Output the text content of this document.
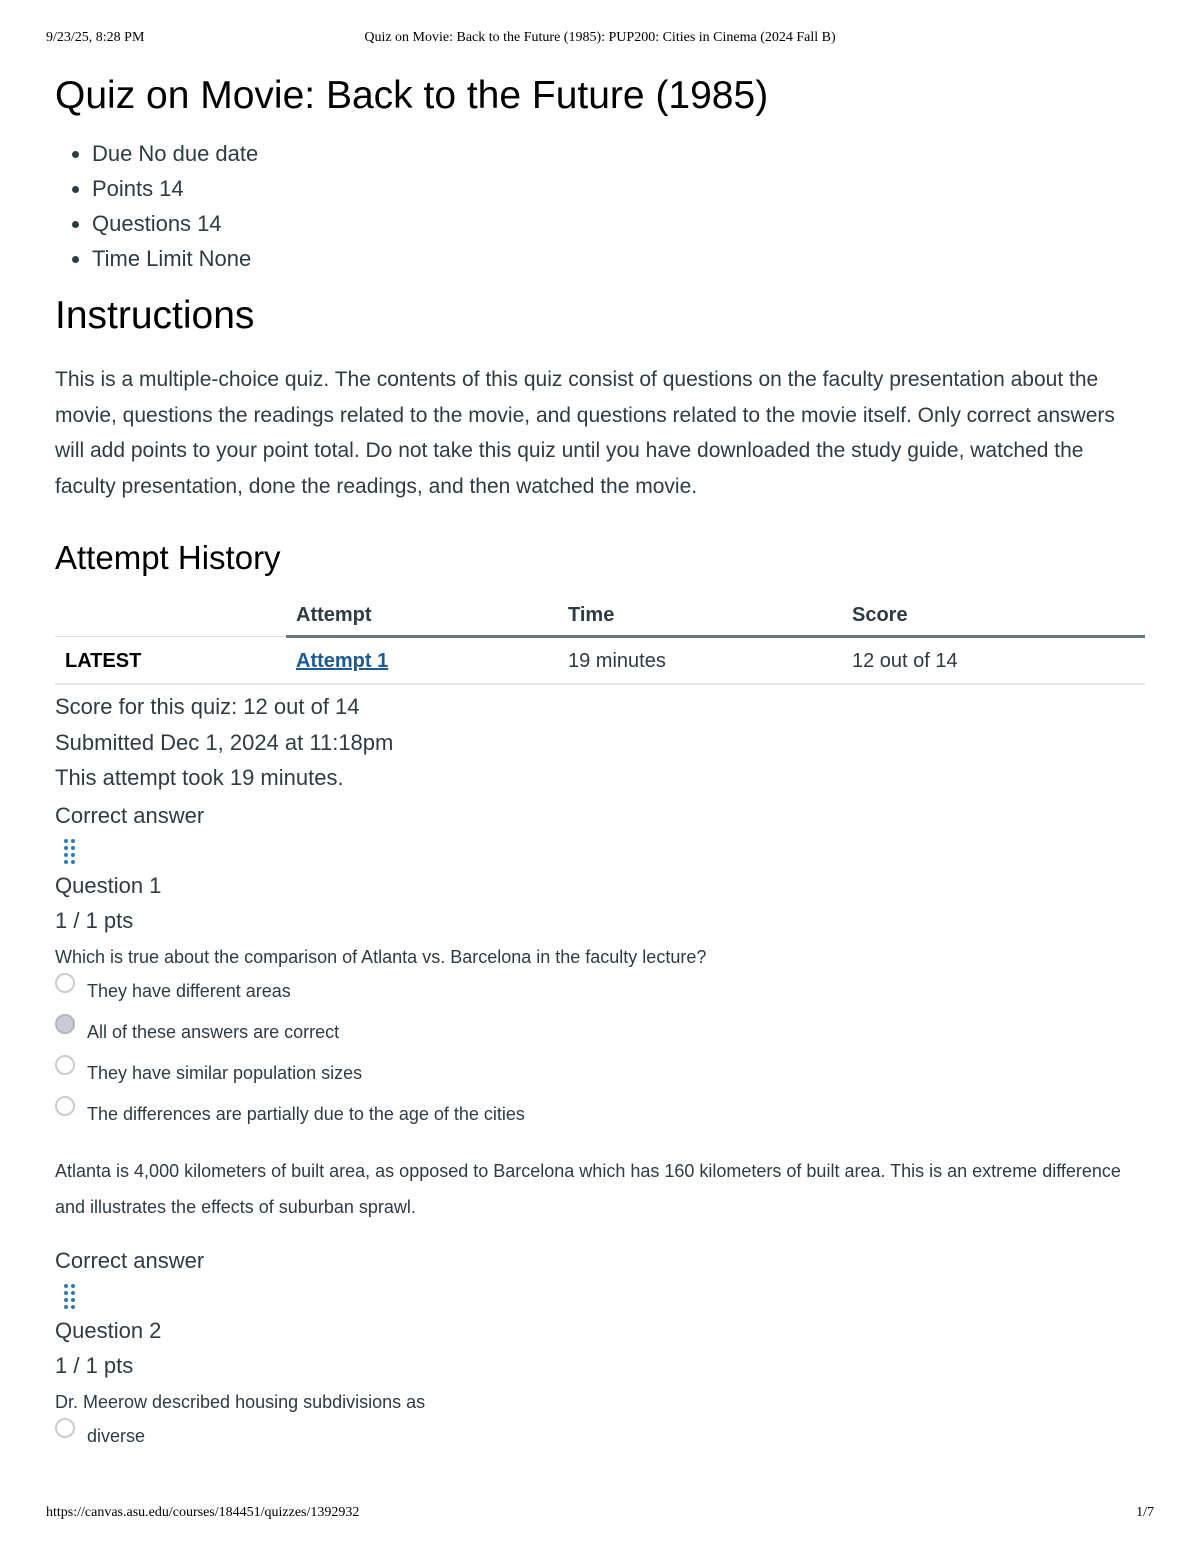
9/23/25, 8:28 PM	Quiz on Movie: Back to the Future (1985): PUP200: Cities in Cinema (2024 Fall B)
Quiz on Movie: Back to the Future (1985)
• Due No due date
• Points 14
• Questions 14
• Time Limit None
Instructions

This is a multiple-choice quiz. The contents of this quiz consist of questions on the faculty presentation about the movie, questions the readings related to the movie, and questions related to the movie itself. Only correct answers will add points to your point total. Do not take this quiz until you have downloaded the study guide, watched the faculty presentation, done the readings, and then watched the movie.

Attempt History
	Attempt	Time	Score
LATEST	Attempt 1	19 minutes	12 out of 14
Score for this quiz: 12 out of 14
Submitted Dec 1, 2024 at 11:18pm
This attempt took 19 minutes.
Correct answer
Question 1
1 / 1 pts
Which is true about the comparison of Atlanta vs. Barcelona in the faculty lecture?
They have different areas
All of these answers are correct
They have similar population sizes
The differences are partially due to the age of the cities
Atlanta is 4,000 kilometers of built area, as opposed to Barcelona which has 160 kilometers of built area. This is an extreme difference and illustrates the effects of suburban sprawl.
Correct answer
Question 2
1 / 1 pts
Dr. Meerow described housing subdivisions as
diverse
https://canvas.asu.edu/courses/184451/quizzes/1392932	1/7
